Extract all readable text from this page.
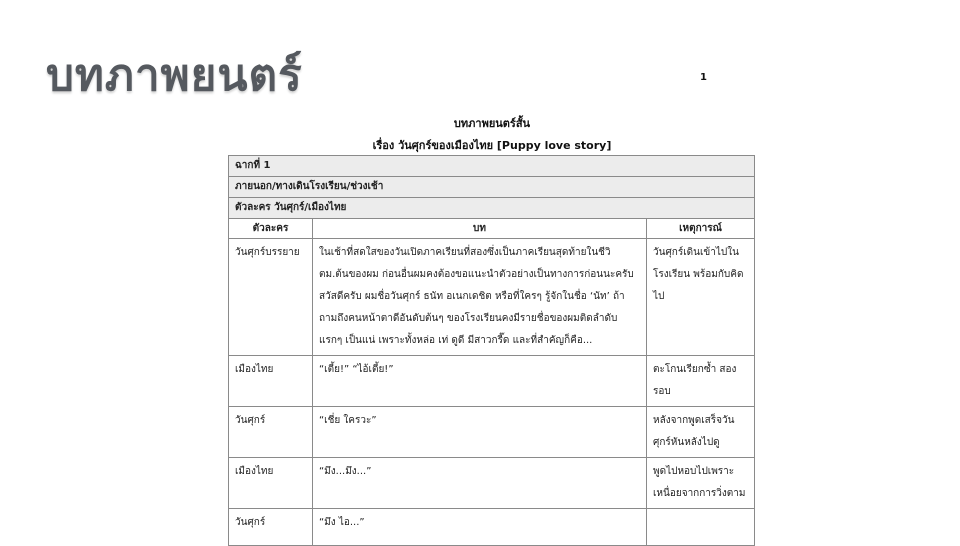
บทภาพยนตร์	1
บทภาพยนตร์สั้น
เรื่อง วันศุกร์ของเมืองไทย [Puppy love story]
ฉากที่ 1		
ภายนอก/ทางเดินโรงเรียน/ช่วงเช้า		
ตัวละคร วันศุกร์/เมืองไทย		
ตัวละคร	บท	เหตุการณ์
วันศุกร์บรรยาย	ในเช้าที่สดใสของวันเปิดภาคเรียนที่สองซึ่งเป็นภาคเรียนสุดท้ายในชีวิตม.ต้นของผม ก่อนอื่นผมคงต้องขอแนะนำตัวอย่างเป็นทางการก่อนนะครับ สวัสดีครับ ผมชื่อวันศุกร์ ธนัท อเนกเดชิต หรือที่ใครๆ รู้จักในชื่อ ‘นัท’ ถ้าถามถึงคนหน้าตาดีอันดับต้นๆ ของโรงเรียนคงมีรายชื่อของผมติดลำดับแรกๆ เป็นแน่ เพราะทั้งหล่อ เท่ ดูดี มีสาวกรี๊ด และที่สำคัญก็คือ...	วันศุกร์เดินเข้าไปในโรงเรียน พร้อมกับคิดไป
เมืองไทย	“เตี้ย!” “ไอ้เตี้ย!”	ตะโกนเรียกซ้ำ สองรอบ
วันศุกร์	“เชี่ย ใครวะ”	หลังจากพูดเสร็จวันศุกร์หันหลังไปดู
เมืองไทย	“มึง...มึง...”	พูดไปหอบไปเพราะเหนื่อยจากการวิ่งตาม
วันศุกร์	“มึง ไอ...”	
